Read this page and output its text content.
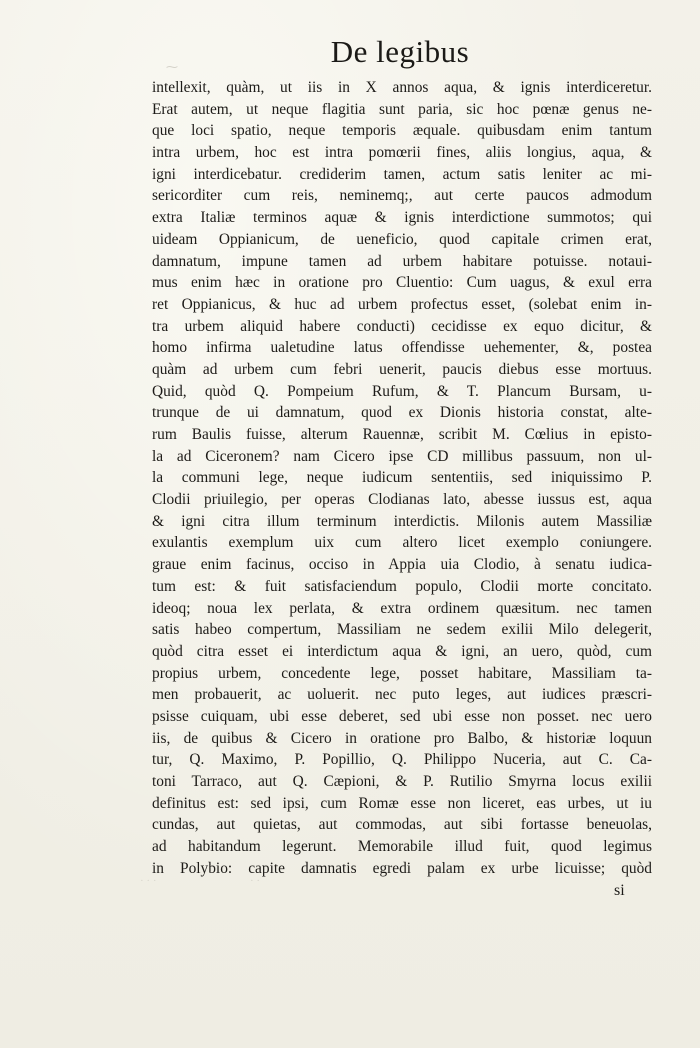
⁓
· · ·	· ·
De legibus
intellexit, quàm, ut iis in X annos aqua, & ignis interdiceretur.
Erat autem, ut neque flagitia sunt paria, sic hoc pœnæ genus ne-
que loci spatio, neque temporis æquale. quibusdam enim tantum
intra urbem, hoc est intra pomœrii fines, aliis longius, aqua, &
igni interdicebatur. crediderim tamen, actum satis leniter ac mi-
sericorditer cum reis, neminemq;, aut certe paucos admodum
extra Italiæ terminos aquæ & ignis interdictione summotos; qui
uideam Oppianicum, de ueneficio, quod capitale crimen erat,
damnatum, impune tamen ad urbem habitare potuisse. notaui-
mus enim hæc in oratione pro Cluentio: Cum uagus, & exul erra
ret Oppianicus, & huc ad urbem profectus esset, (solebat enim in-
tra urbem aliquid habere conducti) cecidisse ex equo dicitur, &
homo infirma ualetudine latus offendisse uehementer, &, postea
quàm ad urbem cum febri uenerit, paucis diebus esse mortuus.
Quid, quòd Q. Pompeium Rufum, & T. Plancum Bursam, u-
trunque de ui damnatum, quod ex Dionis historia constat, alte-
rum Baulis fuisse, alterum Rauennæ, scribit M. Cœlius in episto-
la ad Ciceronem? nam Cicero ipse CD millibus passuum, non ul-
la communi lege, neque iudicum sententiis, sed iniquissimo P.
Clodii priuilegio, per operas Clodianas lato, abesse iussus est, aqua
& igni citra illum terminum interdictis. Milonis autem Massiliæ
exulantis exemplum uix cum altero licet exemplo coniungere.
graue enim facinus, occiso in Appia uia Clodio, à senatu iudica-
tum est: & fuit satisfaciendum populo, Clodii morte concitato.
ideoq; noua lex perlata, & extra ordinem quæsitum. nec tamen
satis habeo compertum, Massiliam ne sedem exilii Milo delegerit,
quòd citra esset ei interdictum aqua & igni, an uero, quòd, cum
propius urbem, concedente lege, posset habitare, Massiliam ta-
men probauerit, ac uoluerit. nec puto leges, aut iudices præscri-
psisse cuiquam, ubi esse deberet, sed ubi esse non posset. nec uero
iis, de quibus & Cicero in oratione pro Balbo, & historiæ loquun
tur, Q. Maximo, P. Popillio, Q. Philippo Nuceria, aut C. Ca-
toni Tarraco, aut Q. Cæpioni, & P. Rutilio Smyrna locus exilii
definitus est: sed ipsi, cum Romæ esse non liceret, eas urbes, ut iu
cundas, aut quietas, aut commodas, aut sibi fortasse beneuolas,
ad habitandum legerunt. Memorabile illud fuit, quod legimus
in Polybio: capite damnatis egredi palam ex urbe licuisse; quòd
si
